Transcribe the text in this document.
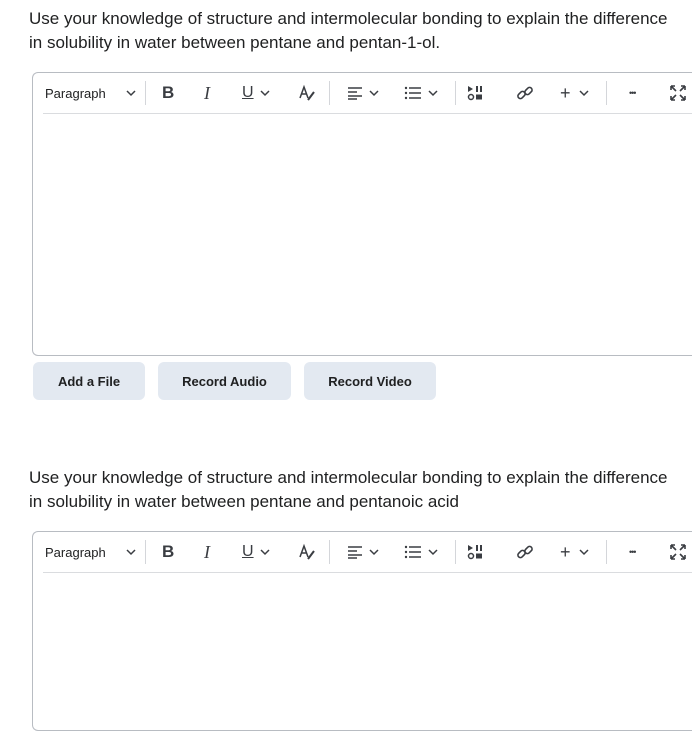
Use your knowledge of structure and intermolecular bonding to explain the difference in solubility in water between pentane and pentan-1-ol.
Paragraph	B I U	+	•••
Add a File	Record Audio	Record Video
Use your knowledge of structure and intermolecular bonding to explain the difference in solubility in water between pentane and pentanoic acid
Paragraph	B I U	+	•••
